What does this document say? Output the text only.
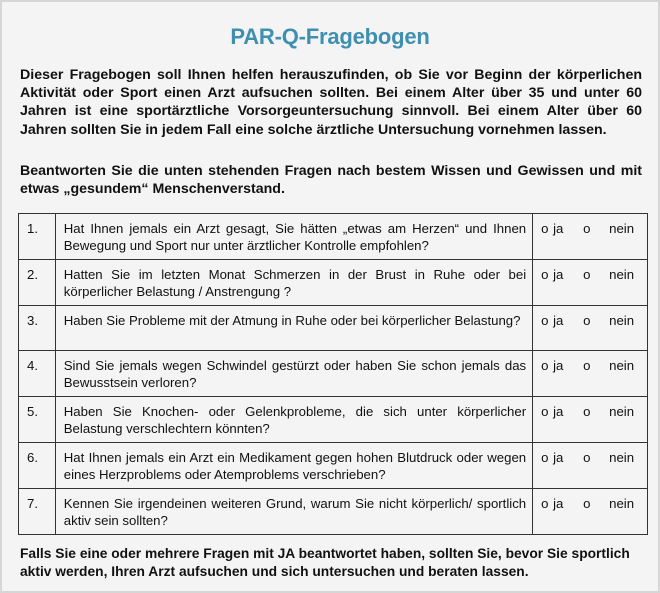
PAR-Q-Fragebogen

Dieser Fragebogen soll Ihnen helfen herauszufinden, ob Sie vor Beginn der körperlichen Aktivität oder Sport einen Arzt aufsuchen sollten. Bei einem Alter über 35 und unter 60 Jahren ist eine sportärztliche Vorsorgeuntersuchung sinnvoll. Bei einem Alter über 60 Jahren sollten Sie in jedem Fall eine solche ärztliche Untersuchung vornehmen lassen.

Beantworten Sie die unten stehenden Fragen nach bestem Wissen und Gewissen und mit etwas „gesundem“ Menschenverstand.

1.	Hat Ihnen jemals ein Arzt gesagt, Sie hätten „etwas am Herzen“ und Ihnen Bewegung und Sport nur unter ärztlicher Kontrolle empfohlen?	o ja o nein
2.	Hatten Sie im letzten Monat Schmerzen in der Brust in Ruhe oder bei körperlicher Belastung / Anstrengung ?	o ja o nein
3.	Haben Sie Probleme mit der Atmung in Ruhe oder bei körperlicher Belastung?	o ja o nein
4.	Sind Sie jemals wegen Schwindel gestürzt oder haben Sie schon jemals das Bewusstsein verloren?	o ja o nein
5.	Haben Sie Knochen- oder Gelenkprobleme, die sich unter körperlicher Belastung verschlechtern könnten?	o ja o nein
6.	Hat Ihnen jemals ein Arzt ein Medikament gegen hohen Blutdruck oder wegen eines Herzproblems oder Atemproblems verschrieben?	o ja o nein
7.	Kennen Sie irgendeinen weiteren Grund, warum Sie nicht körperlich/ sportlich aktiv sein sollten?	o ja o nein

Falls Sie eine oder mehrere Fragen mit JA beantwortet haben, sollten Sie, bevor Sie sportlich aktiv werden, Ihren Arzt aufsuchen und sich untersuchen und beraten lassen.
